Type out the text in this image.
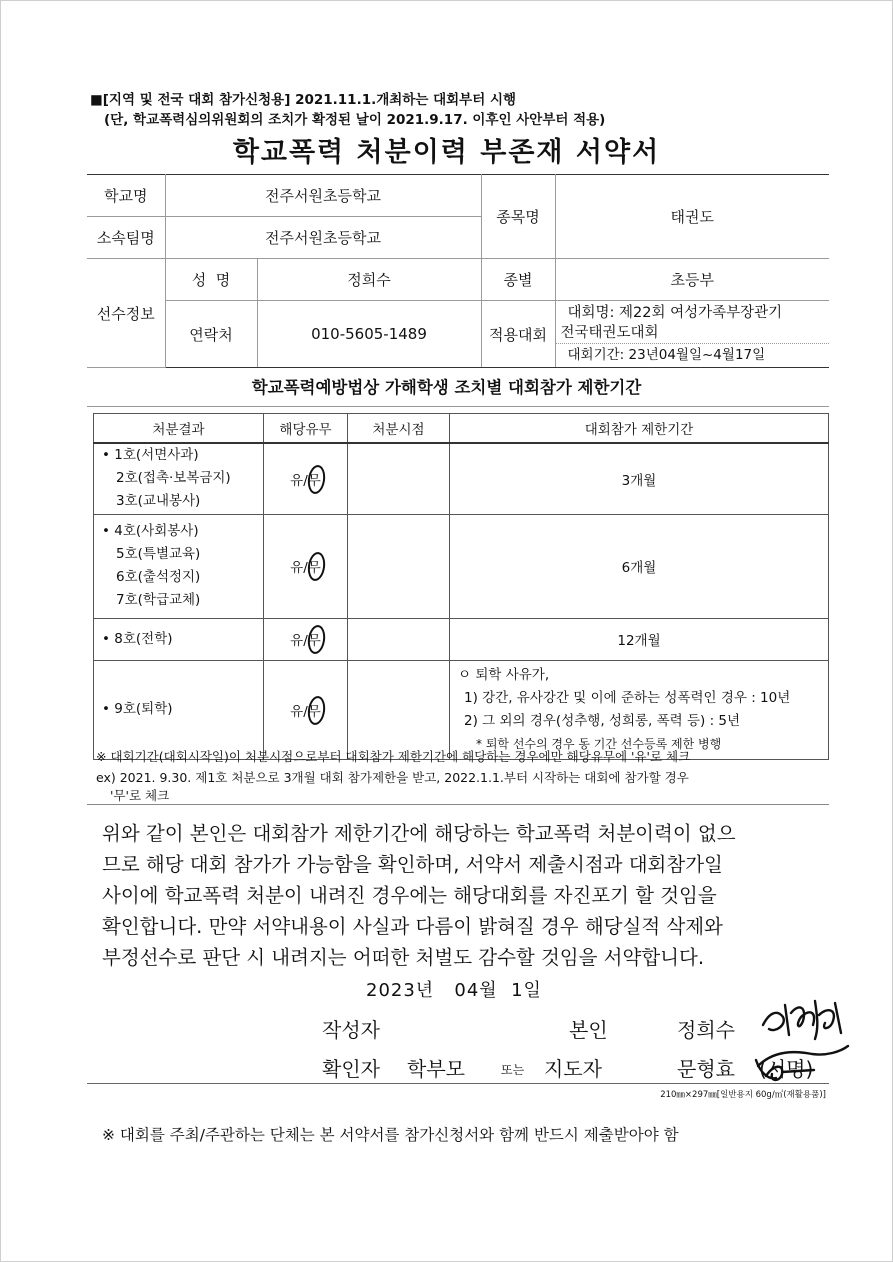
■[지역 및 전국 대회 참가신청용] 2021.11.1.개최하는 대회부터 시행
(단, 학교폭력심의위원회의 조치가 확정된 날이 2021.9.17. 이후인 사안부터 적용)
학교폭력 처분이력 부존재 서약서
학교명	전주서원초등학교		종목명	태권도
소속팀명	전주서원초등학교			
선수정보	성  명	정희수	종별	초등부
	연락처	010-5605-1489	적용대회	대회명: 제22회 여성가족부장관기
전국태권도대회
대회기간: 23년04월일~4월17일
학교폭력예방법상 가해학생 조치별 대회참가 제한기간
처분결과	해당유무	처분시점	대회참가 제한기간

• 1호(서면사과)
2호(접촉·보복금지)
3호(교내봉사)	유/무		3개월

• 4호(사회봉사)
5호(특별교육)
6호(출석정지)
7호(학급교체)	유/무		6개월

• 8호(전학)	유/무		12개월

• 9호(퇴학)	유/무		ㅇ 퇴학 사유가,
1) 강간, 유사강간 및 이에 준하는 성폭력인 경우 : 10년
2) 그 외의 경우(성추행, 성희롱, 폭력 등) : 5년
* 퇴학 선수의 경우 동 기간 선수등록 제한 병행
※ 대회기간(대회시작일)이 처분시점으로부터 대회참가 제한기간에 해당하는 경우에만 해당유무에 '유'로 체크
ex) 2021. 9.30. 제1호 처분으로 3개월 대회 참가제한을 받고, 2022.1.1.부터 시작하는 대회에 참가할 경우
'무'로 체크
위와 같이 본인은 대회참가 제한기간에 해당하는 학교폭력 처분이력이 없으
므로 해당 대회 참가가 가능함을 확인하며, 서약서 제출시점과 대회참가일
사이에 학교폭력 처분이 내려진 경우에는 해당대회를 자진포기 할 것임을
확인합니다. 만약 서약내용이 사실과 다름이 밝혀질 경우 해당실적 삭제와
부정선수로 판단 시 내려지는 어떠한 처벌도 감수할 것임을 서약합니다.
2023년   04월  1일
작성자	본인	정희수
확인자 학부모	또는 지도자	문형효 (서명)
210㎜×297㎜[일반용지 60g/㎡(재활용품)]
※ 대회를 주최/주관하는 단체는 본 서약서를 참가신청서와 함께 반드시 제출받아야 함
